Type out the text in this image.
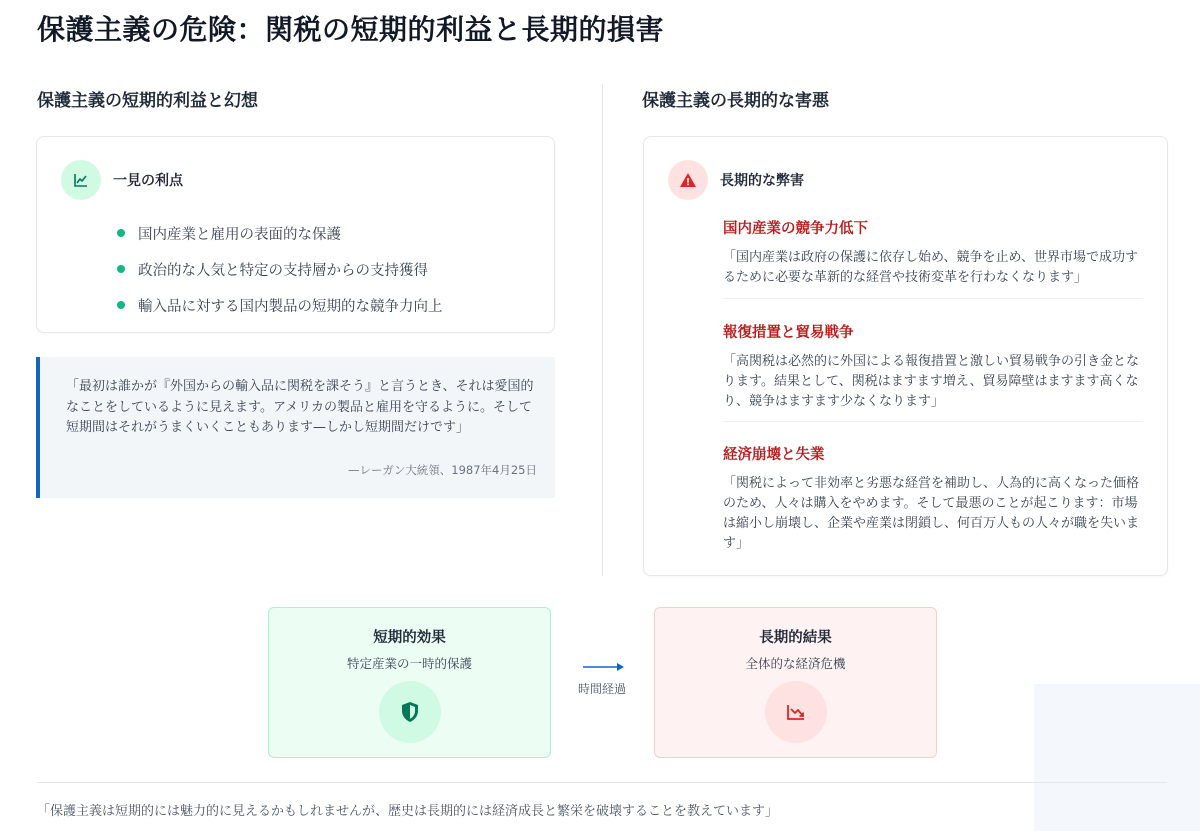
保護主義の危険：関税の短期的利益と長期的損害
保護主義の短期的利益と幻想
一見の利点
国内産業と雇用の表面的な保護
政治的な人気と特定の支持層からの支持獲得
輸入品に対する国内製品の短期的な競争力向上

「最初は誰かが『外国からの輸入品に関税を課そう』と言うとき、それは愛国的なことをしているように見えます。アメリカの製品と雇用を守るように。そして短期間はそれがうまくいくこともあります—しかし短期間だけです」

—レーガン大統領、1987年4月25日
保護主義の長期的な害悪
長期的な弊害
国内産業の競争力低下

「国内産業は政府の保護に依存し始め、競争を止め、世界市場で成功するために必要な革新的な経営や技術変革を行わなくなります」

報復措置と貿易戦争

「高関税は必然的に外国による報復措置と激しい貿易戦争の引き金となります。結果として、関税はますます増え、貿易障壁はますます高くなり、競争はますます少なくなります」

経済崩壊と失業

「関税によって非効率と劣悪な経営を補助し、人為的に高くなった価格のため、人々は購入をやめます。そして最悪のことが起こります：市場は縮小し崩壊し、企業や産業は閉鎖し、何百万人もの人々が職を失います」

短期的効果
特定産業の一時的保護
時間経過
長期的結果
全体的な経済危機

「保護主義は短期的には魅力的に見えるかもしれませんが、歴史は長期的には経済成長と繁栄を破壊することを教えています」
